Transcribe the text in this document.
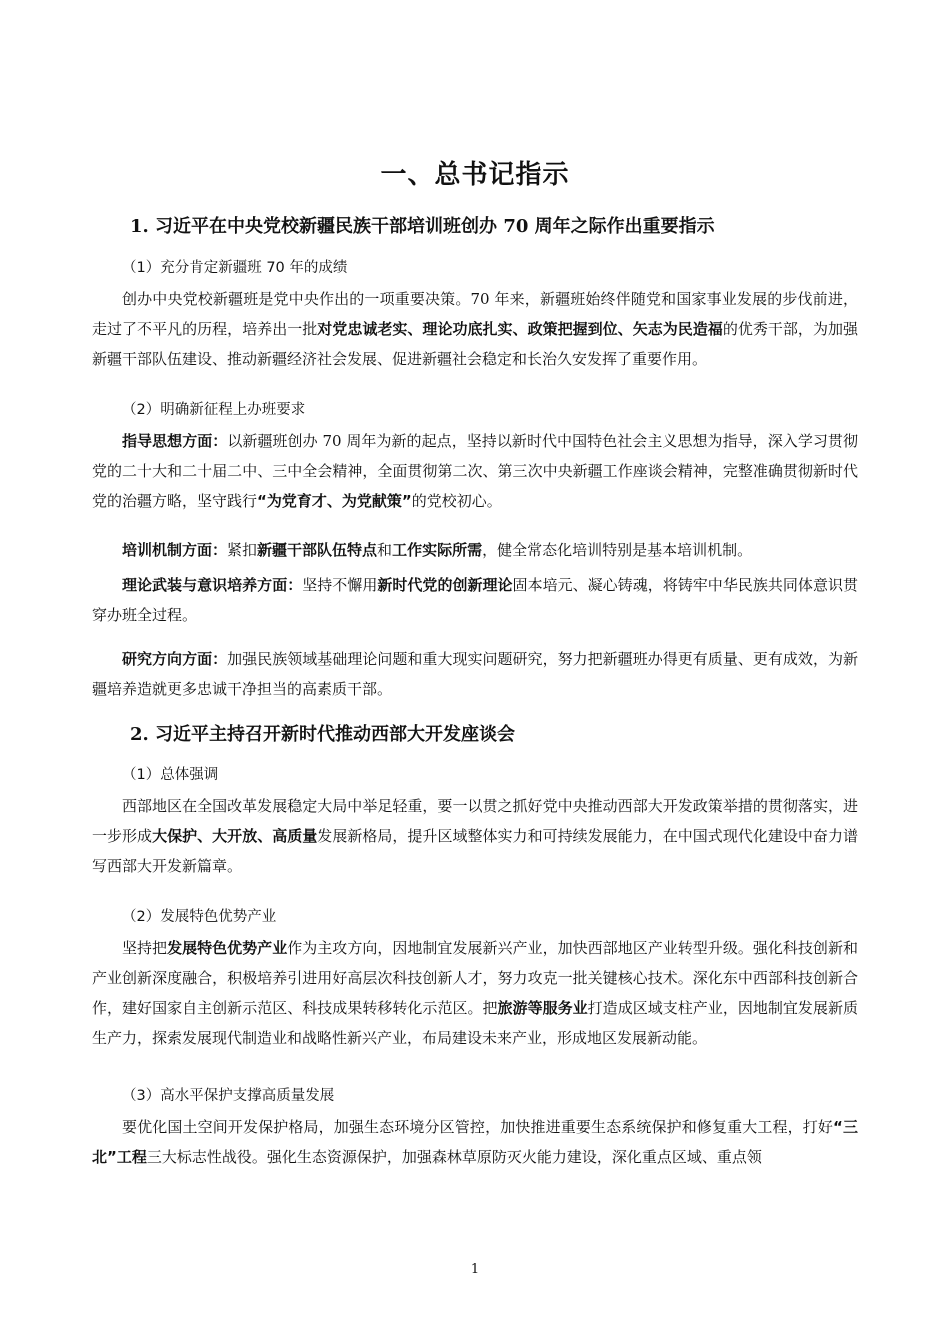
一、总书记指示
1. 习近平在中央党校新疆民族干部培训班创办 70 周年之际作出重要指示
（1）充分肯定新疆班 70 年的成绩
创办中央党校新疆班是党中央作出的一项重要决策。70 年来，新疆班始终伴随党和国家事业发展的步伐前进，走过了不平凡的历程，培养出一批对党忠诚老实、理论功底扎实、政策把握到位、矢志为民造福的优秀干部，为加强新疆干部队伍建设、推动新疆经济社会发展、促进新疆社会稳定和长治久安发挥了重要作用。
（2）明确新征程上办班要求
指导思想方面：以新疆班创办 70 周年为新的起点，坚持以新时代中国特色社会主义思想为指导，深入学习贯彻党的二十大和二十届二中、三中全会精神，全面贯彻第二次、第三次中央新疆工作座谈会精神，完整准确贯彻新时代党的治疆方略，坚守践行“为党育才、为党献策”的党校初心。
培训机制方面：紧扣新疆干部队伍特点和工作实际所需，健全常态化培训特别是基本培训机制。
理论武装与意识培养方面：坚持不懈用新时代党的创新理论固本培元、凝心铸魂，将铸牢中华民族共同体意识贯穿办班全过程。
研究方向方面：加强民族领域基础理论问题和重大现实问题研究，努力把新疆班办得更有质量、更有成效，为新疆培养造就更多忠诚干净担当的高素质干部。
2. 习近平主持召开新时代推动西部大开发座谈会
（1）总体强调
西部地区在全国改革发展稳定大局中举足轻重，要一以贯之抓好党中央推动西部大开发政策举措的贯彻落实，进一步形成大保护、大开放、高质量发展新格局，提升区域整体实力和可持续发展能力，在中国式现代化建设中奋力谱写西部大开发新篇章。
（2）发展特色优势产业
坚持把发展特色优势产业作为主攻方向，因地制宜发展新兴产业，加快西部地区产业转型升级。强化科技创新和产业创新深度融合，积极培养引进用好高层次科技创新人才，努力攻克一批关键核心技术。深化东中西部科技创新合作，建好国家自主创新示范区、科技成果转移转化示范区。把旅游等服务业打造成区域支柱产业，因地制宜发展新质生产力，探索发展现代制造业和战略性新兴产业，布局建设未来产业，形成地区发展新动能。
（3）高水平保护支撑高质量发展
要优化国土空间开发保护格局，加强生态环境分区管控，加快推进重要生态系统保护和修复重大工程，打好“三北”工程三大标志性战役。强化生态资源保护，加强森林草原防灭火能力建设，深化重点区域、重点领
1
